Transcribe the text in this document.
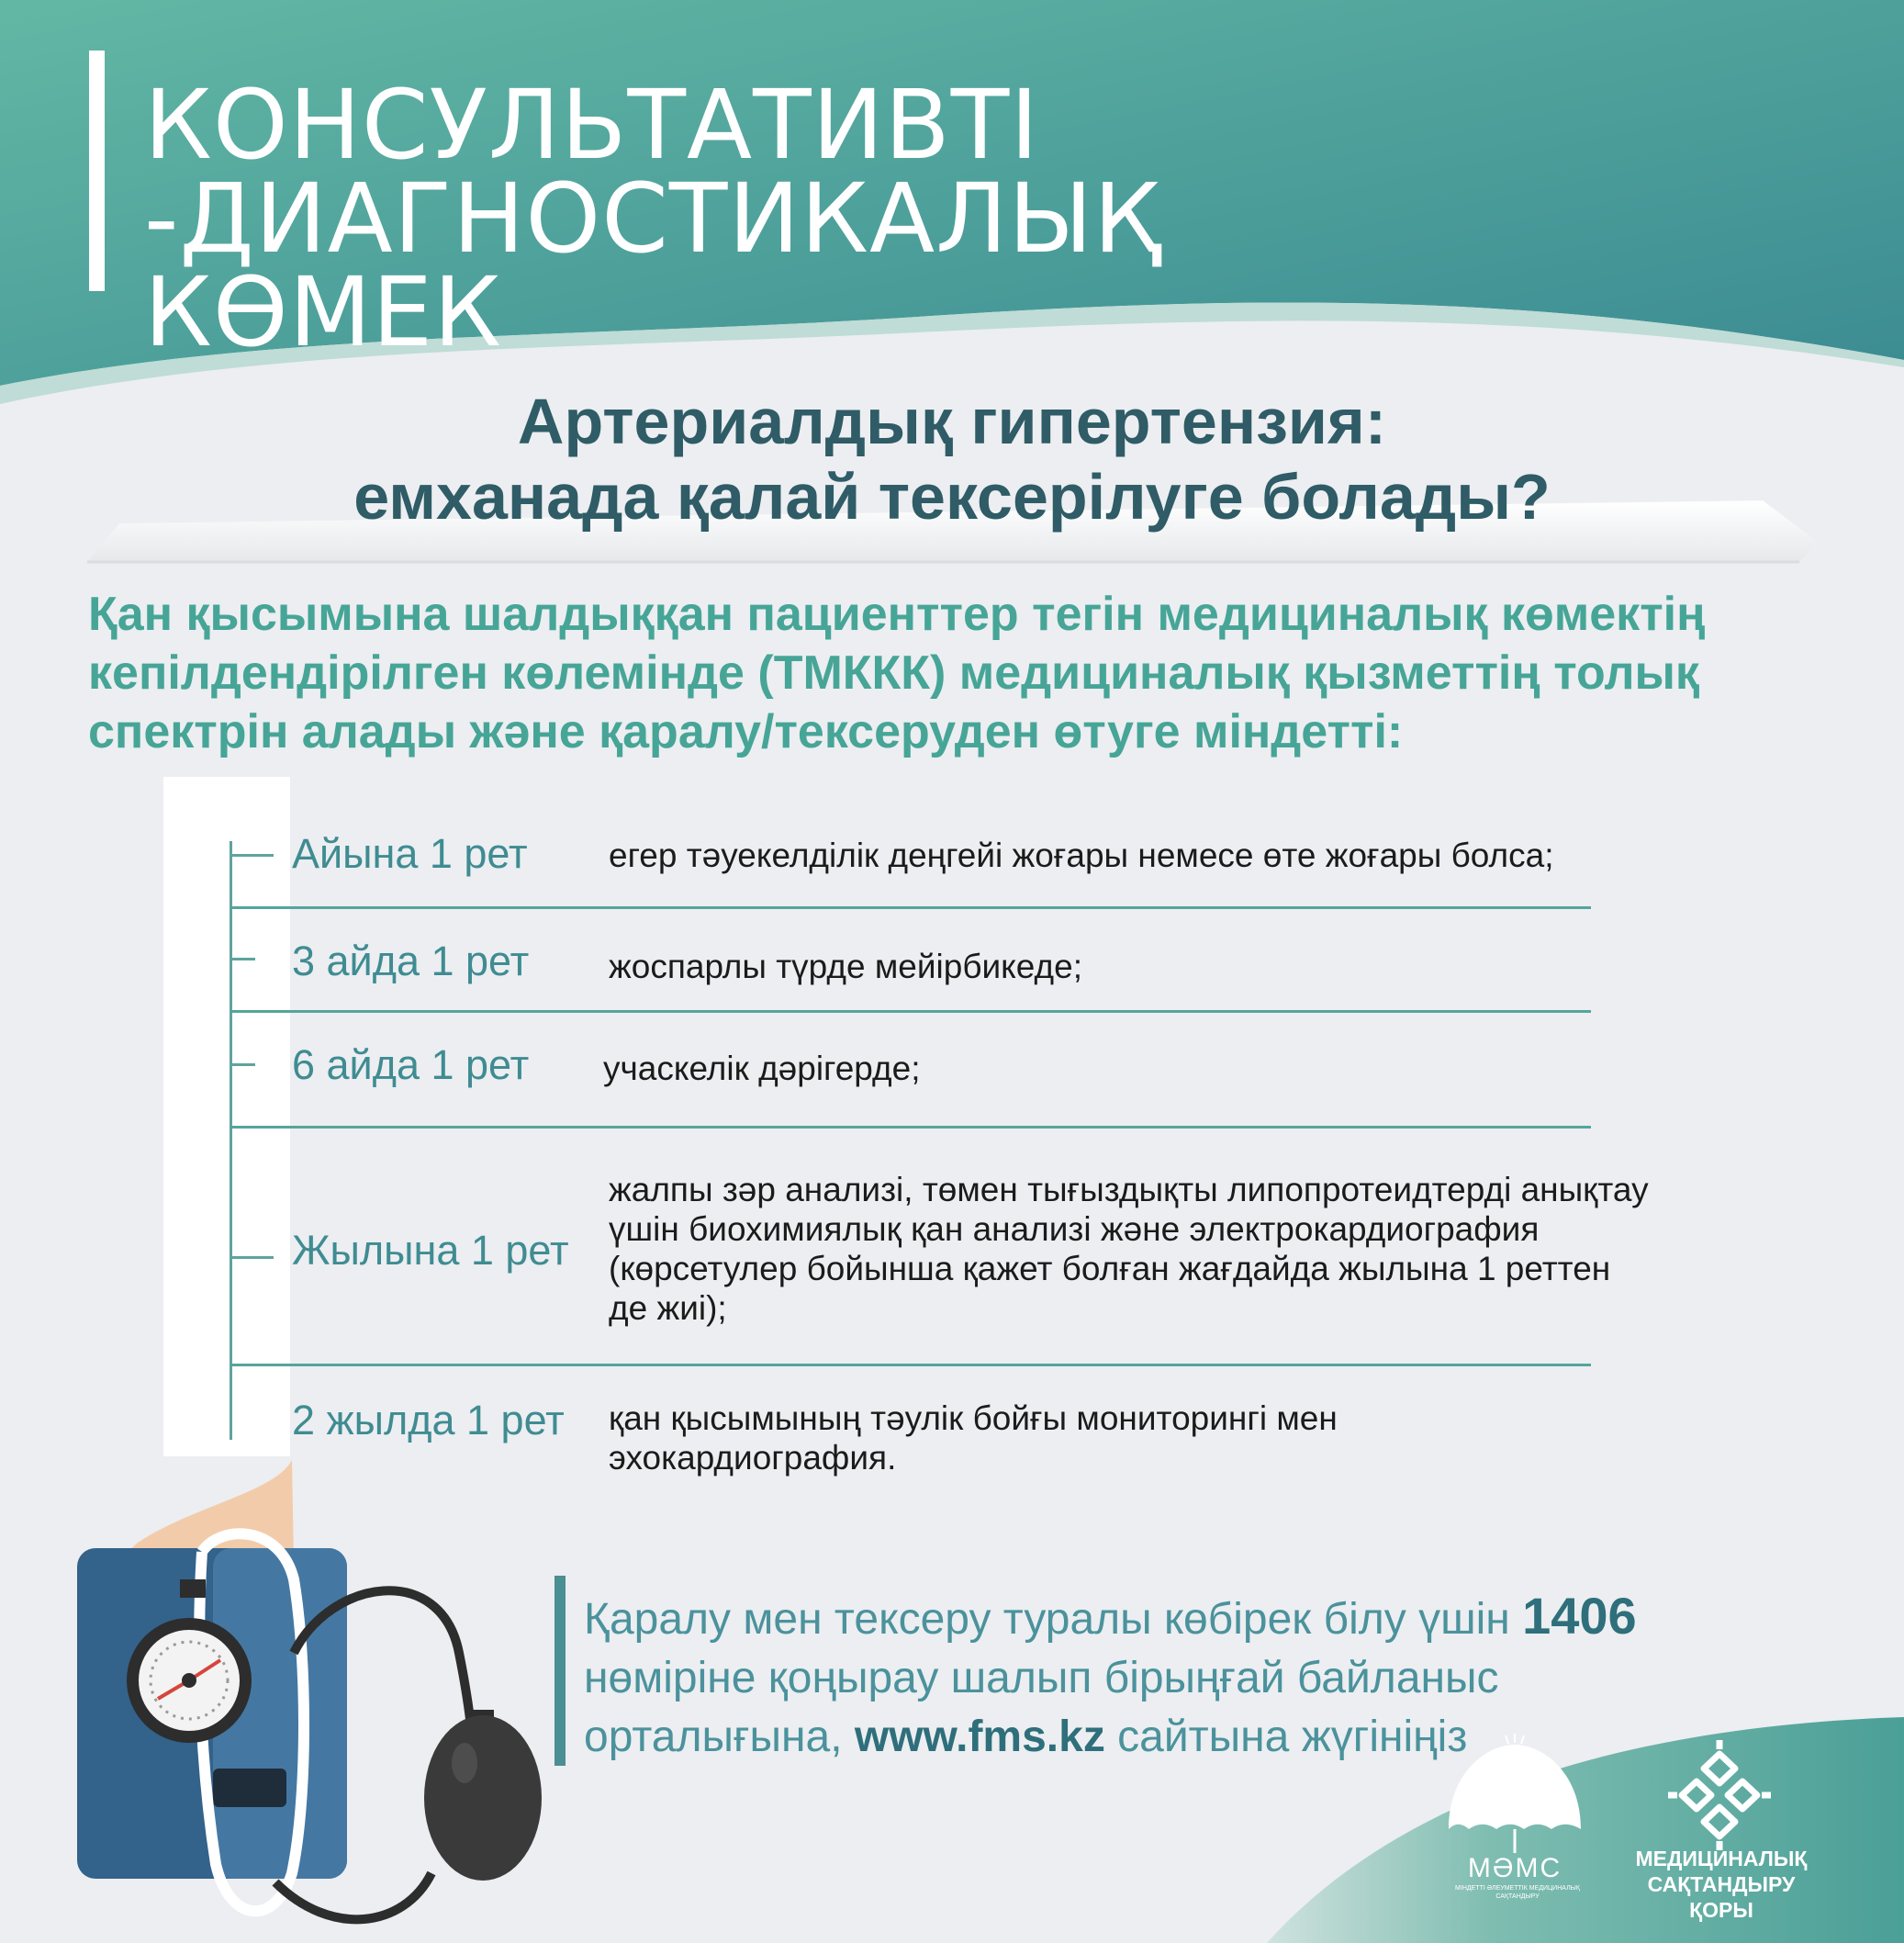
КОНСУЛЬТАТИВТІ -ДИАГНОСТИКАЛЫҚ
КӨМЕК
Артериалдық гипертензия:
емханада қалай тексерілуге болады?

Қан қысымына шалдыққан пациенттер тегін медициналық көмектің кепілдендірілген көлемінде (ТМККК) медициналық қызметтің толық спектрін алады және қаралу/тексеруден өтуге міндетті:

Айына 1 рет егер тәуекелділік деңгейі жоғары немесе өте жоғары болса;
3 айда 1 рет жоспарлы түрде мейірбикеде;
6 айда 1 рет учаскелік дәрігерде;
Жылына 1 рет
жалпы зәр анализі, төмен тығыздықты липопротеидтерді анықтау үшін биохимиялық қан анализі және электрокардиография (көрсетулер бойынша қажет болған жағдайда жылына 1 реттен де жиі);
2 жылда 1 рет қан қысымының тәулік бойғы мониторингі мен эхокардиография.

Қаралу мен тексеру туралы көбірек білу үшін 1406 нөміріне қоңырау шалып бірыңғай байланыс орталығына, www.fms.kz сайтына жүгініңіз

МӘМС
МІНДЕТТІ ӘЛЕУМЕТТІК МЕДИЦИНАЛЫҚ САҚТАНДЫРУ

МЕДИЦИНАЛЫҚ
САҚТАНДЫРУ
ҚОРЫ
